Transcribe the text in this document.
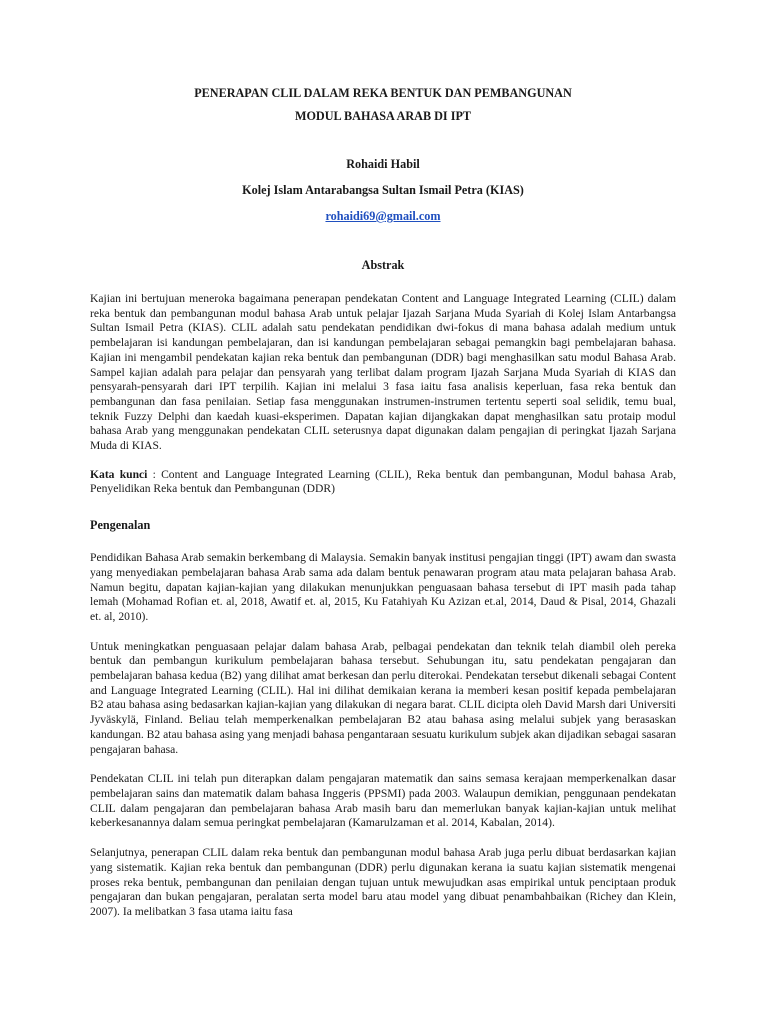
PENERAPAN CLIL DALAM REKA BENTUK DAN PEMBANGUNAN

MODUL BAHASA ARAB DI IPT

Rohaidi Habil
Kolej Islam Antarabangsa Sultan Ismail Petra (KIAS)
rohaidi69@gmail.com
Abstrak

Kajian ini bertujuan meneroka bagaimana penerapan pendekatan Content and Language Integrated Learning (CLIL) dalam reka bentuk dan pembangunan modul bahasa Arab untuk pelajar Ijazah Sarjana Muda Syariah di Kolej Islam Antarbangsa Sultan Ismail Petra (KIAS). CLIL adalah satu pendekatan pendidikan dwi-fokus di mana bahasa adalah medium untuk pembelajaran isi kandungan pembelajaran, dan isi kandungan pembelajaran sebagai pemangkin bagi pembelajaran bahasa. Kajian ini mengambil pendekatan kajian reka bentuk dan pembangunan (DDR) bagi menghasilkan satu modul Bahasa Arab. Sampel kajian adalah para pelajar dan pensyarah yang terlibat dalam program Ijazah Sarjana Muda Syariah di KIAS dan pensyarah-pensyarah dari IPT terpilih. Kajian ini melalui 3 fasa iaitu fasa analisis keperluan, fasa reka bentuk dan pembangunan dan fasa penilaian. Setiap fasa menggunakan instrumen-instrumen tertentu seperti soal selidik, temu bual, teknik Fuzzy Delphi dan kaedah kuasi-eksperimen. Dapatan kajian dijangkakan dapat menghasilkan satu protaip modul bahasa Arab yang menggunakan pendekatan CLIL seterusnya dapat digunakan dalam pengajian di peringkat Ijazah Sarjana Muda di KIAS.

Kata kunci : Content and Language Integrated Learning (CLIL), Reka bentuk dan pembangunan, Modul bahasa Arab, Penyelidikan Reka bentuk dan Pembangunan (DDR)

Pengenalan

Pendidikan Bahasa Arab semakin berkembang di Malaysia. Semakin banyak institusi pengajian tinggi (IPT) awam dan swasta yang menyediakan pembelajaran bahasa Arab sama ada dalam bentuk penawaran program atau mata pelajaran bahasa Arab. Namun begitu, dapatan kajian-kajian yang dilakukan menunjukkan penguasaan bahasa tersebut di IPT masih pada tahap lemah (Mohamad Rofian et. al, 2018, Awatif et. al, 2015, Ku Fatahiyah Ku Azizan et.al, 2014, Daud & Pisal, 2014, Ghazali et. al, 2010).

Untuk meningkatkan penguasaan pelajar dalam bahasa Arab, pelbagai pendekatan dan teknik telah diambil oleh pereka bentuk dan pembangun kurikulum pembelajaran bahasa tersebut. Sehubungan itu, satu pendekatan pengajaran dan pembelajaran bahasa kedua (B2) yang dilihat amat berkesan dan perlu diterokai. Pendekatan tersebut dikenali sebagai Content and Language Integrated Learning (CLIL). Hal ini dilihat demikaian kerana ia memberi kesan positif kepada pembelajaran B2 atau bahasa asing bedasarkan kajian-kajian yang dilakukan di negara barat. CLIL dicipta oleh David Marsh dari Universiti Jyväskylä, Finland. Beliau telah memperkenalkan pembelajaran B2 atau bahasa asing melalui subjek yang berasaskan kandungan. B2 atau bahasa asing yang menjadi bahasa pengantaraan sesuatu kurikulum subjek akan dijadikan sebagai sasaran pengajaran bahasa.

Pendekatan CLIL ini telah pun diterapkan dalam pengajaran matematik dan sains semasa kerajaan memperkenalkan dasar pembelajaran sains dan matematik dalam bahasa Inggeris (PPSMI) pada 2003. Walaupun demikian, penggunaan pendekatan CLIL dalam pengajaran dan pembelajaran bahasa Arab masih baru dan memerlukan banyak kajian-kajian untuk melihat keberkesanannya dalam semua peringkat pembelajaran (Kamarulzaman et al. 2014, Kabalan, 2014).

Selanjutnya, penerapan CLIL dalam reka bentuk dan pembangunan modul bahasa Arab juga perlu dibuat berdasarkan kajian yang sistematik. Kajian reka bentuk dan pembangunan (DDR) perlu digunakan kerana ia suatu kajian sistematik mengenai proses reka bentuk, pembangunan dan penilaian dengan tujuan untuk mewujudkan asas empirikal untuk penciptaan produk pengajaran dan bukan pengajaran, peralatan serta model baru atau model yang dibuat penambahbaikan (Richey dan Klein, 2007). Ia melibatkan 3 fasa utama iaitu fasa
